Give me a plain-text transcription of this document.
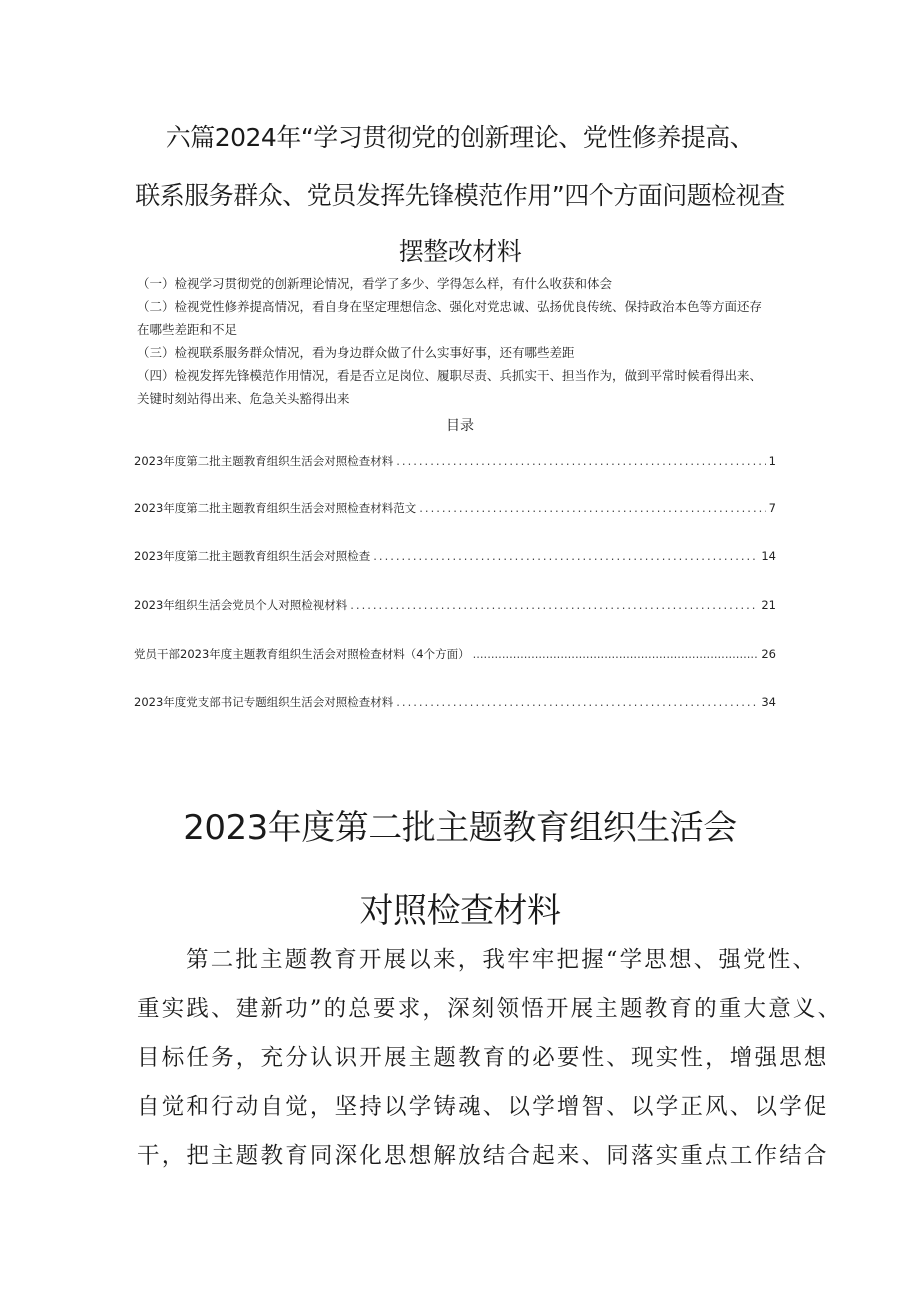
六篇2024年“学习贯彻党的创新理论、党性修养提高、
联系服务群众、党员发挥先锋模范作用”四个方面问题检视查
摆整改材料
（一）检视学习贯彻党的创新理论情况，看学了多少、学得怎么样，有什么收获和体会
（二）检视党性修养提高情况，看自身在坚定理想信念、强化对党忠诚、弘扬优良传统、保持政治本色等方面还存
在哪些差距和不足
（三）检视联系服务群众情况，看为身边群众做了什么实事好事，还有哪些差距
（四）检视发挥先锋模范作用情况，看是否立足岗位、履职尽责、兵抓实干、担当作为，做到平常时候看得出来、
关键时刻站得出来、危急关头豁得出来
目录
2023年度第二批主题教育组织生活会对照检查材料 .....	1
2023年度第二批主题教育组织生活会对照检查材料范文 .....	7
2023年度第二批主题教育组织生活会对照检查 .....	14
2023年组织生活会党员个人对照检视材料 .....	21
党员干部2023年度主题教育组织生活会对照检查材料（4个方面） .....	26
2023年度党支部书记专题组织生活会对照检查材料 .....	34
2023年度第二批主题教育组织生活会
对照检查材料
第二批主题教育开展以来，我牢牢把握“学思想、强党性、
重实践、建新功”的总要求，深刻领悟开展主题教育的重大意义、
目标任务，充分认识开展主题教育的必要性、现实性，增强思想
自觉和行动自觉，坚持以学铸魂、以学增智、以学正风、以学促
干，把主题教育同深化思想解放结合起来、同落实重点工作结合
